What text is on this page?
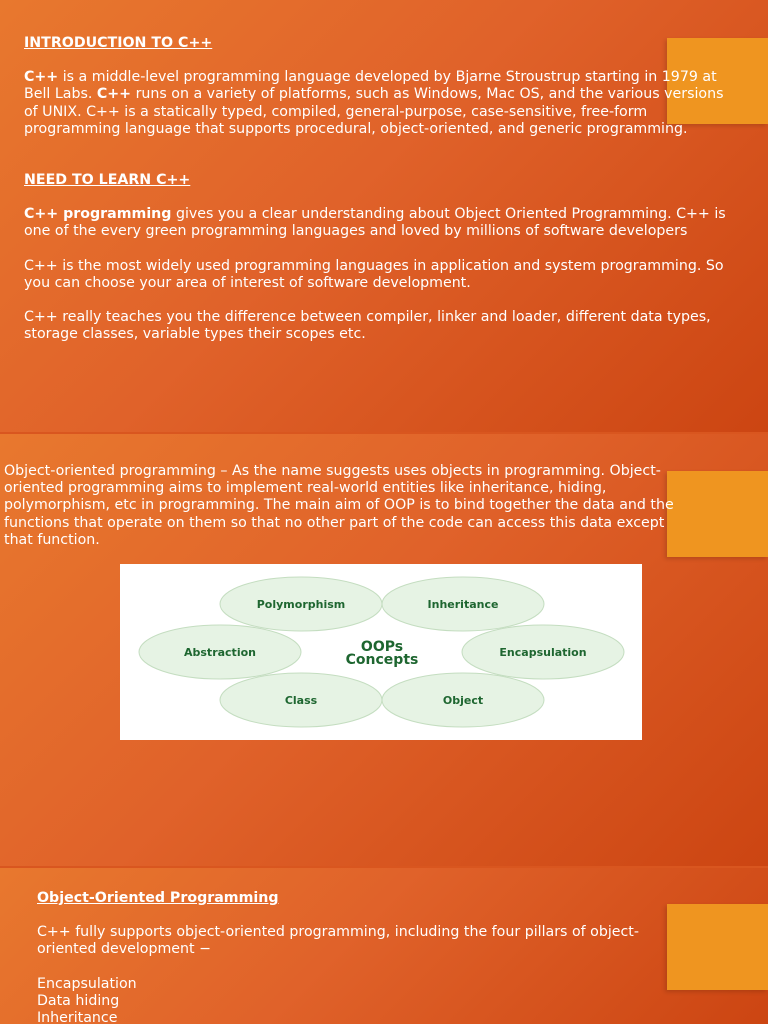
INTRODUCTION TO C++

C++ is a middle-level programming language developed by Bjarne Stroustrup starting in 1979 at Bell Labs. C++ runs on a variety of platforms, such as Windows, Mac OS, and the various versions of UNIX. C++ is a statically typed, compiled, general-purpose, case-sensitive, free-form programming language that supports procedural, object-oriented, and generic programming.

NEED TO LEARN C++

C++ programming gives you a clear understanding about Object Oriented Programming. C++ is one of the every green programming languages and loved by millions of software developers

C++ is the most widely used programming languages in application and system programming. So you can choose your area of interest of software development.

C++ really teaches you the difference between compiler, linker and loader, different data types, storage classes, variable types their scopes etc.

Object-oriented programming – As the name suggests uses objects in programming. Object-oriented programming aims to implement real-world entities like inheritance, hiding, polymorphism, etc in programming. The main aim of OOP is to bind together the data and the functions that operate on them so that no other part of the code can access this data except that function.

Polymorphism	Inheritance
Abstraction	Encapsulation
Class	Object
OOPs
Concepts
Object-Oriented Programming

C++ fully supports object-oriented programming, including the four pillars of object-oriented development −

Encapsulation
Data hiding
Inheritance
